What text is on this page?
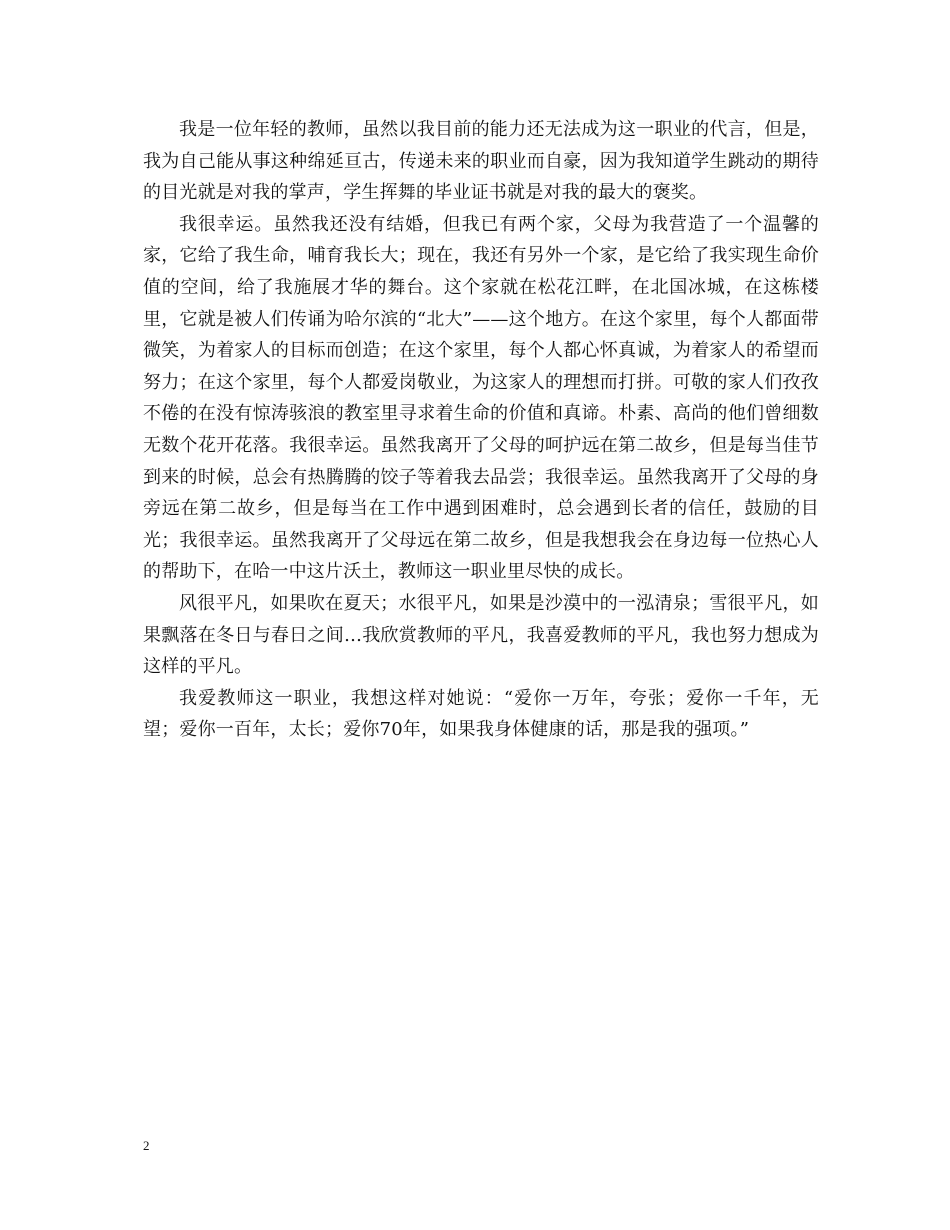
我是一位年轻的教师，虽然以我目前的能力还无法成为这一职业的代言，但是，我为自己能从事这种绵延亘古，传递未来的职业而自豪，因为我知道学生跳动的期待的目光就是对我的掌声，学生挥舞的毕业证书就是对我的最大的褒奖。

我很幸运。虽然我还没有结婚，但我已有两个家，父母为我营造了一个温馨的家，它给了我生命，哺育我长大；现在，我还有另外一个家，是它给了我实现生命价值的空间，给了我施展才华的舞台。这个家就在松花江畔，在北国冰城，在这栋楼里，它就是被人们传诵为哈尔滨的“北大”——这个地方。在这个家里，每个人都面带微笑，为着家人的目标而创造；在这个家里，每个人都心怀真诚，为着家人的希望而努力；在这个家里，每个人都爱岗敬业，为这家人的理想而打拼。可敬的家人们孜孜不倦的在没有惊涛骇浪的教室里寻求着生命的价值和真谛。朴素、高尚的他们曾细数无数个花开花落。我很幸运。虽然我离开了父母的呵护远在第二故乡，但是每当佳节到来的时候，总会有热腾腾的饺子等着我去品尝；我很幸运。虽然我离开了父母的身旁远在第二故乡，但是每当在工作中遇到困难时，总会遇到长者的信任，鼓励的目光；我很幸运。虽然我离开了父母远在第二故乡，但是我想我会在身边每一位热心人的帮助下，在哈一中这片沃土，教师这一职业里尽快的成长。

风很平凡，如果吹在夏天；水很平凡，如果是沙漠中的一泓清泉；雪很平凡，如果飘落在冬日与春日之间…我欣赏教师的平凡，我喜爱教师的平凡，我也努力想成为这样的平凡。

我爱教师这一职业，我想这样对她说：“爱你一万年，夸张；爱你一千年，无望；爱你一百年，太长；爱你70年，如果我身体健康的话，那是我的强项。”

2
